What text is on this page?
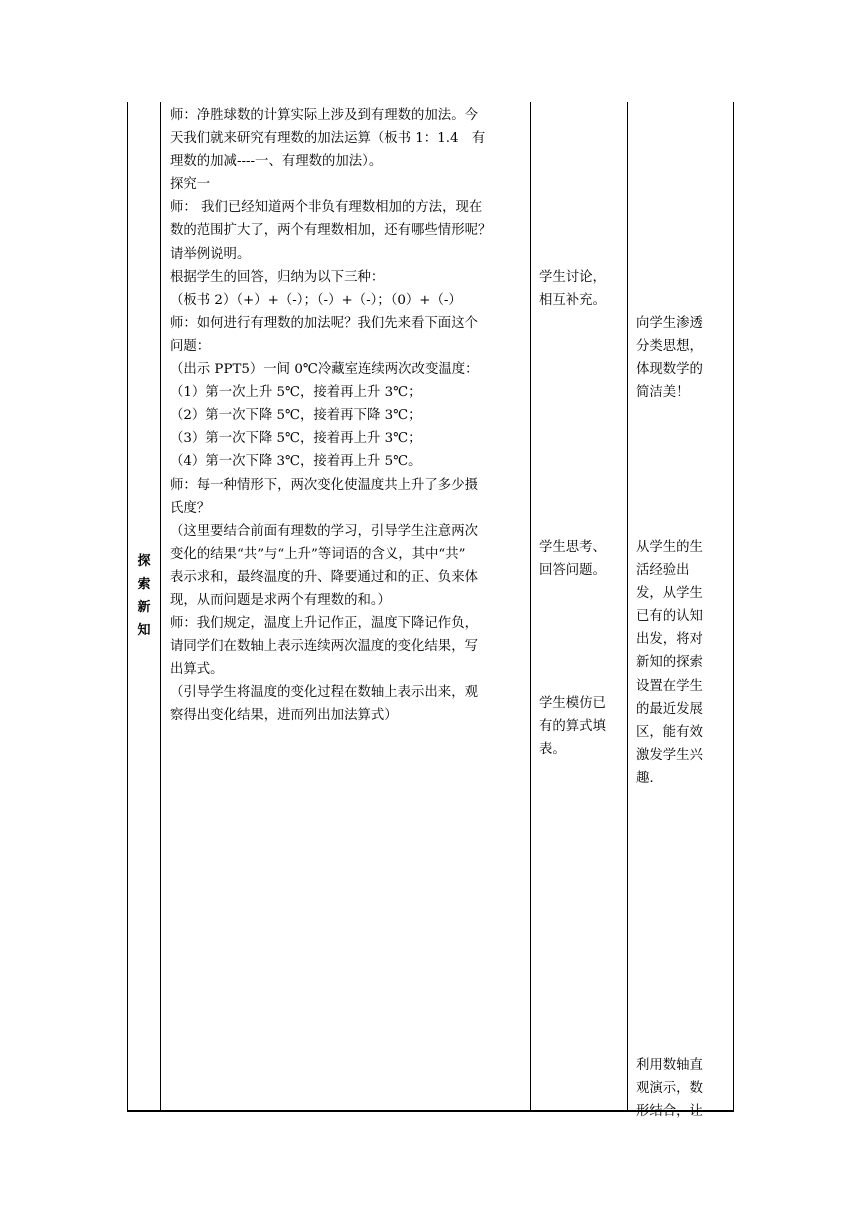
探
索
新
知
师：净胜球数的计算实际上涉及到有理数的加法。今
天我们就来研究有理数的加法运算（板书 1：1.4　有
理数的加减----一、有理数的加法）。
探究一
师： 我们已经知道两个非负有理数相加的方法，现在
数的范围扩大了，两个有理数相加，还有哪些情形呢？
请举例说明。
根据学生的回答，归纳为以下三种：
（板书 2）（+）+（-）；（-）+（-）；（0）+（-）
师：如何进行有理数的加法呢？我们先来看下面这个
问题：
（出示 PPT5）一间 0℃冷藏室连续两次改变温度：
（1）第一次上升 5℃，接着再上升 3℃；
（2）第一次下降 5℃，接着再下降 3℃；
（3）第一次下降 5℃，接着再上升 3℃；
（4）第一次下降 3℃，接着再上升 5℃。
师：每一种情形下，两次变化使温度共上升了多少摄
氏度？
（这里要结合前面有理数的学习，引导学生注意两次
变化的结果“共”与“上升”等词语的含义，其中“共”
表示求和，最终温度的升、降要通过和的正、负来体
现，从而问题是求两个有理数的和。）
师：我们规定，温度上升记作正，温度下降记作负，
请同学们在数轴上表示连续两次温度的变化结果，写
出算式。
（引导学生将温度的变化过程在数轴上表示出来，观
察得出变化结果，进而列出加法算式）
学生讨论，
相互补充。
学生思考、
回答问题。
学生模仿已
有的算式填
表。
向学生渗透
分类思想，
体现数学的
简洁美！
从学生的生
活经验出
发，从学生
已有的认知
出发，将对
新知的探索
设置在学生
的最近发展
区，能有效
激发学生兴
趣.
利用数轴直
观演示，数
形结合，让
